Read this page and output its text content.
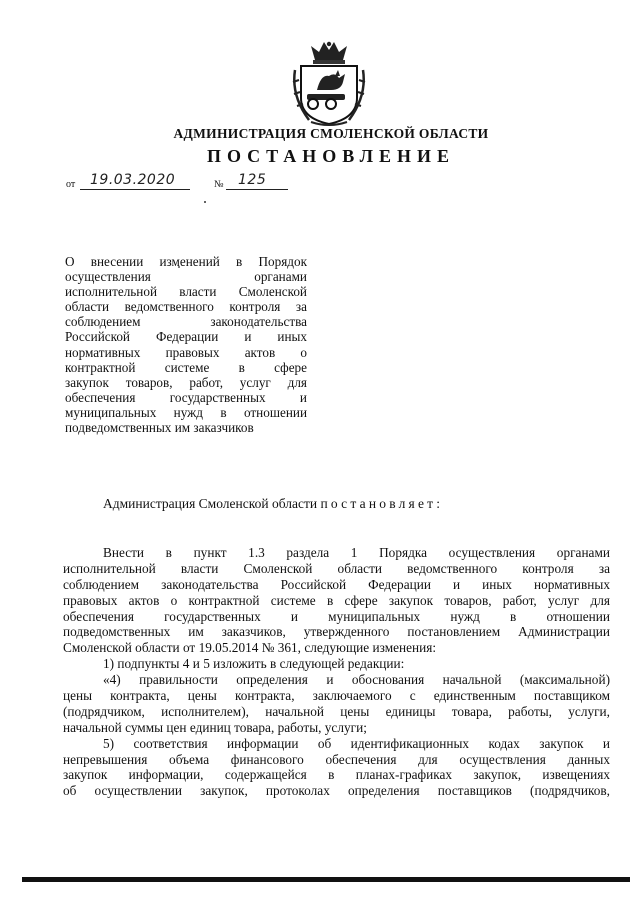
АДМИНИСТРАЦИЯ СМОЛЕНСКОЙ ОБЛАСТИ
ПОСТАНОВЛЕНИЕ
от 19.03.2020	№ 125
О внесении изменений в Порядок
осуществления органами
исполнительной власти Смоленской
области ведомственного контроля за
соблюдением законодательства
Российской Федерации и иных
нормативных правовых актов о
контрактной системе в сфере
закупок товаров, работ, услуг для
обеспечения государственных и
муниципальных нужд в отношении
подведомственных им заказчиков
Администрация Смоленской области постановляет:
Внести в пункт 1.3 раздела 1 Порядка осуществления органами
исполнительной власти Смоленской области ведомственного контроля за
соблюдением законодательства Российской Федерации и иных нормативных
правовых актов о контрактной системе в сфере закупок товаров, работ, услуг для
обеспечения государственных и муниципальных нужд в отношении
подведомственных им заказчиков, утвержденного постановлением Администрации
Смоленской области от 19.05.2014 № 361, следующие изменения:
1) подпункты 4 и 5 изложить в следующей редакции:
«4) правильности определения и обоснования начальной (максимальной)
цены контракта, цены контракта, заключаемого с единственным поставщиком
(подрядчиком, исполнителем), начальной цены единицы товара, работы, услуги,
начальной суммы цен единиц товара, работы, услуги;
5) соответствия информации об идентификационных кодах закупок и
непревышения объема финансового обеспечения для осуществления данных
закупок информации, содержащейся в планах-графиках закупок, извещениях
об осуществлении закупок, протоколах определения поставщиков (подрядчиков,
